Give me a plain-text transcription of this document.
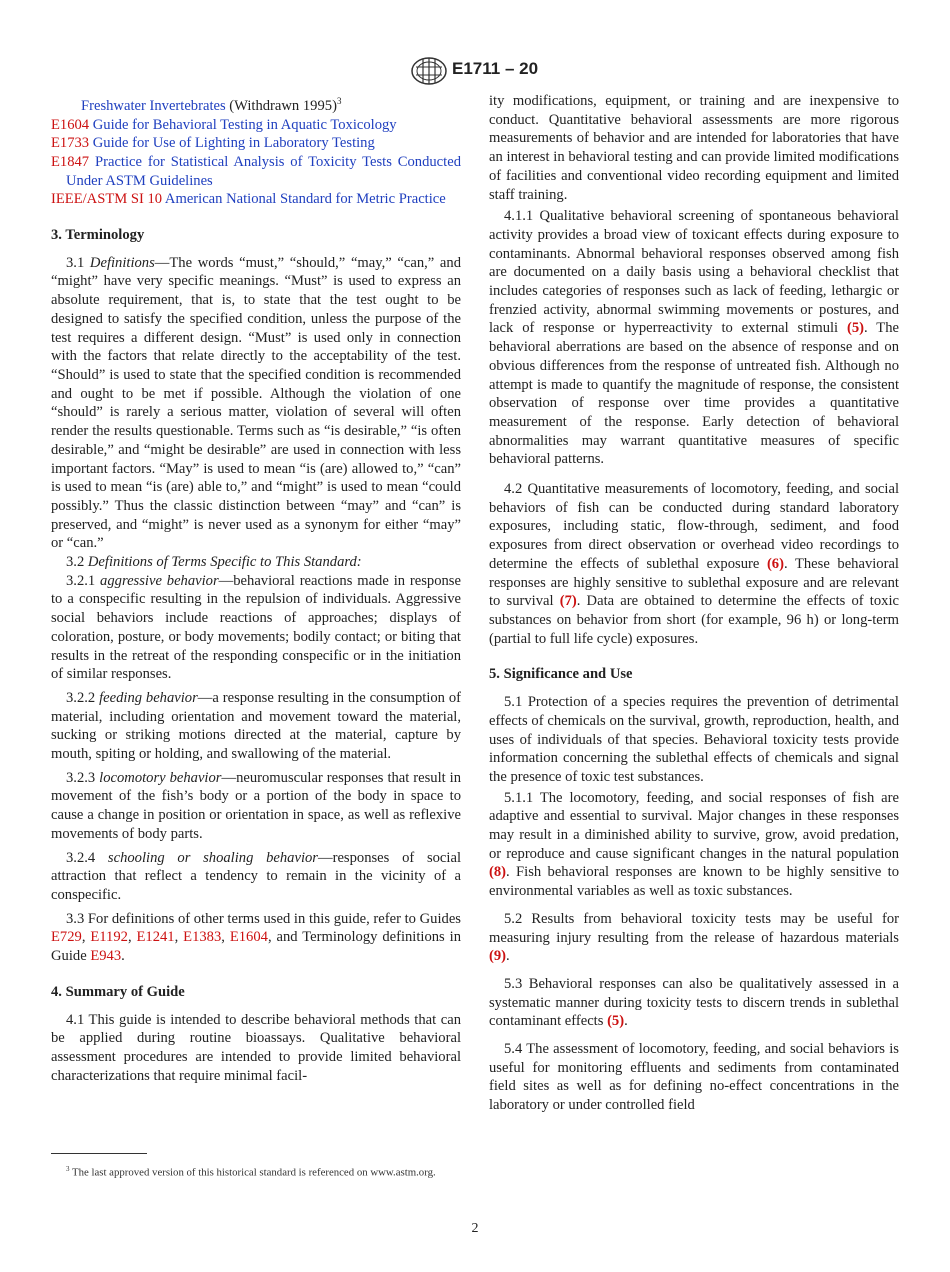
E1711 – 20

Freshwater Invertebrates (Withdrawn 1995)$^3$

E1604 Guide for Behavioral Testing in Aquatic Toxicology

E1733 Guide for Use of Lighting in Laboratory Testing

E1847 Practice for Statistical Analysis of Toxicity Tests Conducted Under ASTM Guidelines

IEEE/ASTM SI 10 American National Standard for Metric Practice

3. Terminology

3.1 Definitions—The words “must,” “should,” “may,” “can,” and “might” have very specific meanings. “Must” is used to express an absolute requirement, that is, to state that the test ought to be designed to satisfy the specified condition, unless the purpose of the test requires a different design. “Must” is used only in connection with the factors that relate directly to the acceptability of the test. “Should” is used to state that the specified condition is recommended and ought to be met if possible. Although the violation of one “should” is rarely a serious matter, violation of several will often render the results questionable. Terms such as “is desirable,” “is often desirable,” and “might be desirable” are used in connection with less important factors. “May” is used to mean “is (are) allowed to,” “can” is used to mean “is (are) able to,” and “might” is used to mean “could possibly.” Thus the classic distinction between “may” and “can” is preserved, and “might” is never used as a synonym for either “may” or “can.”

3.2 Definitions of Terms Specific to This Standard:

3.2.1 aggressive behavior—behavioral reactions made in response to a conspecific resulting in the repulsion of individuals. Aggressive social behaviors include reactions of approaches; displays of coloration, posture, or body movements; bodily contact; or biting that results in the retreat of the responding conspecific or in the initiation of similar responses.

3.2.2 feeding behavior—a response resulting in the consumption of material, including orientation and movement toward the material, sucking or striking motions directed at the material, capture by mouth, spiting or holding, and swallowing of the material.

3.2.3 locomotory behavior—neuromuscular responses that result in movement of the fish’s body or a portion of the body in space to cause a change in position or orientation in space, as well as reflexive movements of body parts.

3.2.4 schooling or shoaling behavior—responses of social attraction that reflect a tendency to remain in the vicinity of a conspecific.

3.3 For definitions of other terms used in this guide, refer to Guides E729, E1192, E1241, E1383, E1604, and Terminology definitions in Guide E943.

4. Summary of Guide

4.1 This guide is intended to describe behavioral methods that can be applied during routine bioassays. Qualitative behavioral assessment procedures are intended to provide limited behavioral characterizations that require minimal facil-

$^3$ The last approved version of this historical standard is referenced on www.astm.org.

ity modifications, equipment, or training and are inexpensive to conduct. Quantitative behavioral assessments are more rigorous measurements of behavior and are intended for laboratories that have an interest in behavioral testing and can provide limited modifications of facilities and conventional video recording equipment and limited staff training.

4.1.1 Qualitative behavioral screening of spontaneous behavioral activity provides a broad view of toxicant effects during exposure to contaminants. Abnormal behavioral responses observed among fish are documented on a daily basis using a behavioral checklist that includes categories of responses such as lack of feeding, lethargic or frenzied activity, abnormal swimming movements or postures, and lack of response or hyperreactivity to external stimuli (5). The behavioral aberrations are based on the absence of response and on obvious differences from the response of untreated fish. Although no attempt is made to quantify the magnitude of response, the consistent observation of response over time provides a quantitative measurement of the response. Early detection of behavioral abnormalities may warrant quantitative measures of specific behavioral patterns.

4.2 Quantitative measurements of locomotory, feeding, and social behaviors of fish can be conducted during standard laboratory exposures, including static, flow-through, sediment, and food exposures from direct observation or overhead video recordings to determine the effects of sublethal exposure (6). These behavioral responses are highly sensitive to sublethal exposure and are relevant to survival (7). Data are obtained to determine the effects of toxic substances on behavior from short (for example, 96 h) or long-term (partial to full life cycle) exposures.

5. Significance and Use

5.1 Protection of a species requires the prevention of detrimental effects of chemicals on the survival, growth, reproduction, health, and uses of individuals of that species. Behavioral toxicity tests provide information concerning the sublethal effects of chemicals and signal the presence of toxic test substances.

5.1.1 The locomotory, feeding, and social responses of fish are adaptive and essential to survival. Major changes in these responses may result in a diminished ability to survive, grow, avoid predation, or reproduce and cause significant changes in the natural population (8). Fish behavioral responses are known to be highly sensitive to environmental variables as well as toxic substances.

5.2 Results from behavioral toxicity tests may be useful for measuring injury resulting from the release of hazardous materials (9).

5.3 Behavioral responses can also be qualitatively assessed in a systematic manner during toxicity tests to discern trends in sublethal contaminant effects (5).

5.4 The assessment of locomotory, feeding, and social behaviors is useful for monitoring effluents and sediments from contaminated field sites as well as for defining no-effect concentrations in the laboratory or under controlled field

2
